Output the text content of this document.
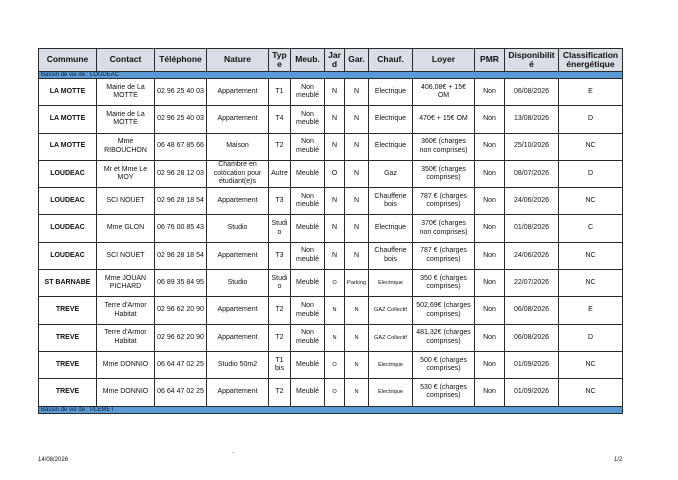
Commune	Contact	Téléphone	Nature	Type	Meub.	Jard	Gar.	Chauf.	Loyer	PMR	Disponibilité	Classification énergétique
Bassin de vie de : LOUDEAC												
LA MOTTE	Mairie de La MOTTE	02 96 25 40 03	Appartement	T1	Non meublé	N	N	Electrique	406,08€ + 15€ OM	Non	06/08/2026	E
LA MOTTE	Mairie de La MOTTE	02 96 25 40 03	Appartement	T4	Non meublé	N	N	Electrique	470€ + 15€ OM	Non	13/08/2026	D
LA MOTTE	Mme RIBOUCHON	06 48 67 85 66	Maison	T2	Non meublé	N	N	Electrique	360€ (charges non comprises)	Non	25/10/2026	NC
LOUDEAC	Mr et Mme Le MOY	02 96 28 12 03	Chambre en colocation pour étudiant(e)s	Autre	Meublé	O	N	Gaz	350€ (charges comprises)	Non	08/07/2026	D
LOUDEAC	SCI NOUET	02 96 28 18 54	Appartement	T3	Non meublé	N	N	Chaufferie bois	787 € (charges comprises)	Non	24/06/2026	NC
LOUDEAC	Mme GLON	06 76 00 85 43	Studio	Studio	Meublé	N	N	Electrique	370€ (charges non comprises)	Non	01/08/2026	C
LOUDEAC	SCI NOUET	02 96 28 18 54	Appartement	T3	Non meublé	N	N	Chaufferie bois	787 € (charges comprises)	Non	24/06/2026	NC
ST BARNABE	Mme JOUAN PICHARD	06 89 35 84 95	Studio	Studio	Meublé	O	Parking	Electrique	350 € (charges comprises)	Non	22/07/2026	NC
TREVE	Terre d'Armor Habitat	02 96 62 20 90	Appartement	T2	Non meublé	N	N	GAZ Collectif	502,69€ (charges comprises)	Non	06/08/2026	E
TREVE	Terre d'Armor Habitat	02 96 62 20 90	Appartement	T2	Non meublé	N	N	GAZ Collectif	481,32€ (charges comprises)	Non	06/08/2026	D
TREVE	Mme DONNIO	06 64 47 02 25	Studio 50m2	T1 bis	Meublé	O	N	Electrique	500 € (charges comprises)	Non	01/09/2026	NC
TREVE	Mme DONNIO	06 64 47 02 25	Appartement	T2	Meublé	O	N	Electrique	530 € (charges comprises)	Non	01/09/2026	NC
Bassin de vie de : PLEMET												
-
14/08/2026	1/2
